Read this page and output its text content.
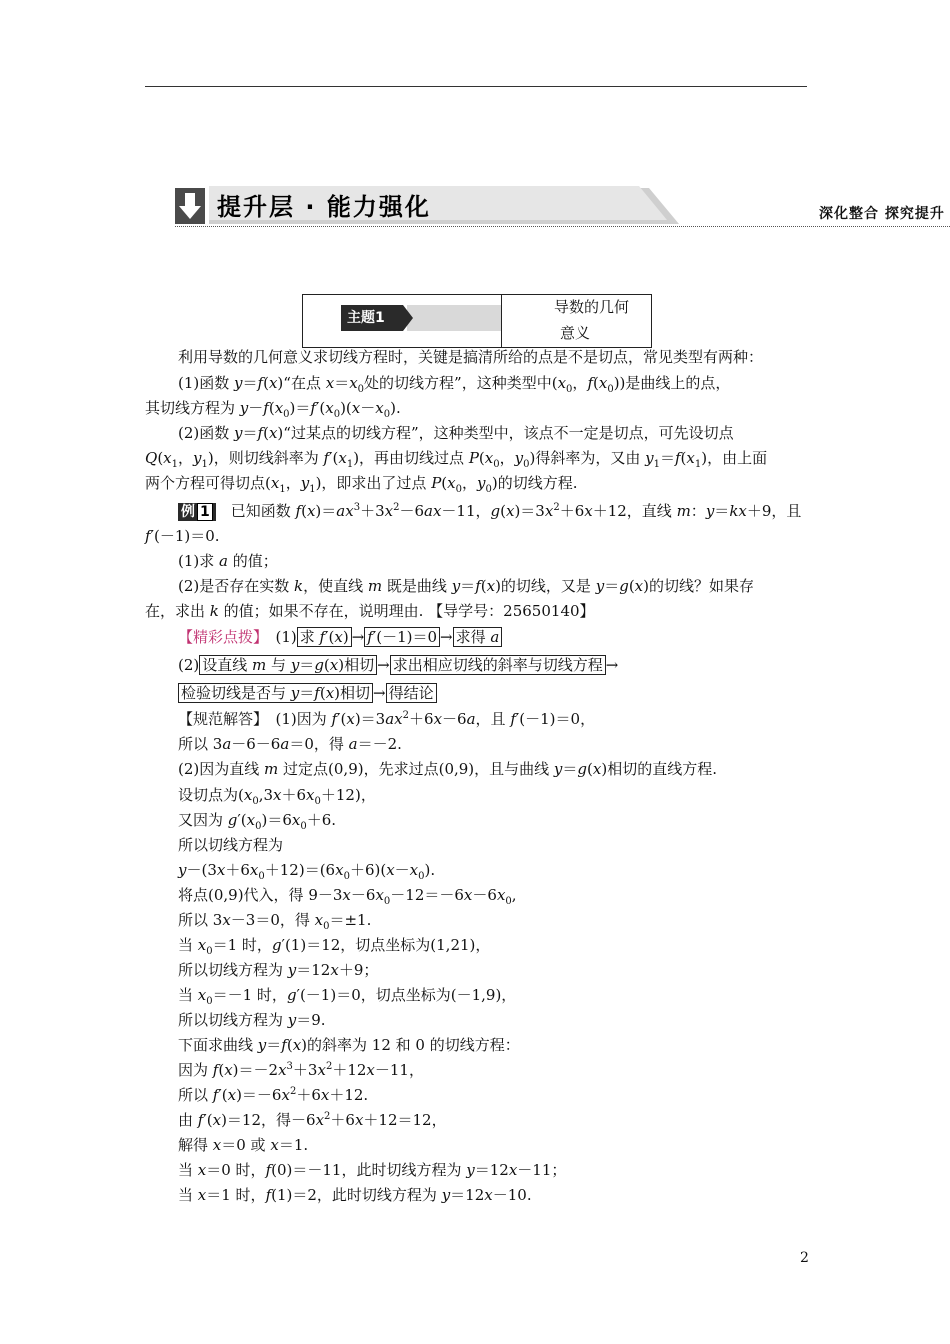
提升层 · 能力强化	深化整合 探究提升
主题1
导数的几何
意义
利用导数的几何意义求切线方程时，关键是搞清所给的点是不是切点，常见类型有两种：
(1)函数 y＝f(x)“在点 $x=x_0$处的切线方程”，这种类型中($x_0$，$f(x_0)$)是曲线上的点，
其切线方程为 $y-f(x_0)=f'(x_0)(x-x_0)$.
(2)函数 y＝f(x)“过某点的切线方程”，这种类型中，该点不一定是切点，可先设切点
$Q(x_1$，$y_1$)，则切线斜率为 $f'(x_1)$，再由切线过点 $P(x_0$，$y_0$)得斜率为，又由 $y_1=f(x_1)$，由上面
两个方程可得切点($x_1$，$y_1$)，即求出了过点 $P(x_0$，$y_0$)的切线方程.
例 1　已知函数 $f(x)=ax^3+3x^2-6ax-11$，$g(x)=3x^2+6x+12$，直线 m：y＝kx＋9，且
f′(－1)＝0.
(1)求 a 的值；
(2)是否存在实数 k，使直线 m 既是曲线 y＝f(x)的切线，又是 y＝g(x)的切线？如果存
在，求出 k 的值；如果不存在，说明理由. 【导学号：25650140】
【精彩点拨】　(1) 求 f′(x) → f′(－1)＝0 → 求得 a
(2) 设直线 m 与 y＝g(x)相切 → 求出相应切线的斜率与切线方程 →
检验切线是否与 y＝f(x)相切 → 得结论
【规范解答】　(1)因为 $f'(x)=3ax^2+6x-6a$，且 f′(－1)＝0，
所以 3a－6－6a＝0，得 a＝－2.
(2)因为直线 m 过定点(0,9)，先求过点(0,9)，且与曲线 y＝g(x)相切的直线方程.
设切点为$(x_0,3x+6x_0+12)$，
又因为 $g'(x_0)=6x_0+6$.
所以切线方程为
$y-(3x+6x_0+12)=(6x_0+6)(x-x_0)$.
将点(0,9)代入，得 $9-3x-6x_0-12=-6x-6x_0$,
所以 3x－3＝0，得 $x_0=\pm 1$.
当 $x_0=1$ 时，g′(1)＝12，切点坐标为(1,21)，
所以切线方程为 y＝12x＋9；
当 $x_0=-1$ 时，g′(－1)＝0，切点坐标为(－1,9)，
所以切线方程为 y＝9.
下面求曲线 y＝f(x)的斜率为 12 和 0 的切线方程：
因为 $f(x)=-2x^3+3x^2+12x-11$，
所以 $f'(x)=-6x^2+6x+12$.
由 f′(x)＝12，得$-6x^2+6x+12=12$，
解得 x＝0 或 x＝1.
当 x＝0 时，f(0)＝－11，此时切线方程为 y＝12x－11；
当 x＝1 时，f(1)＝2，此时切线方程为 y＝12x－10.
2
